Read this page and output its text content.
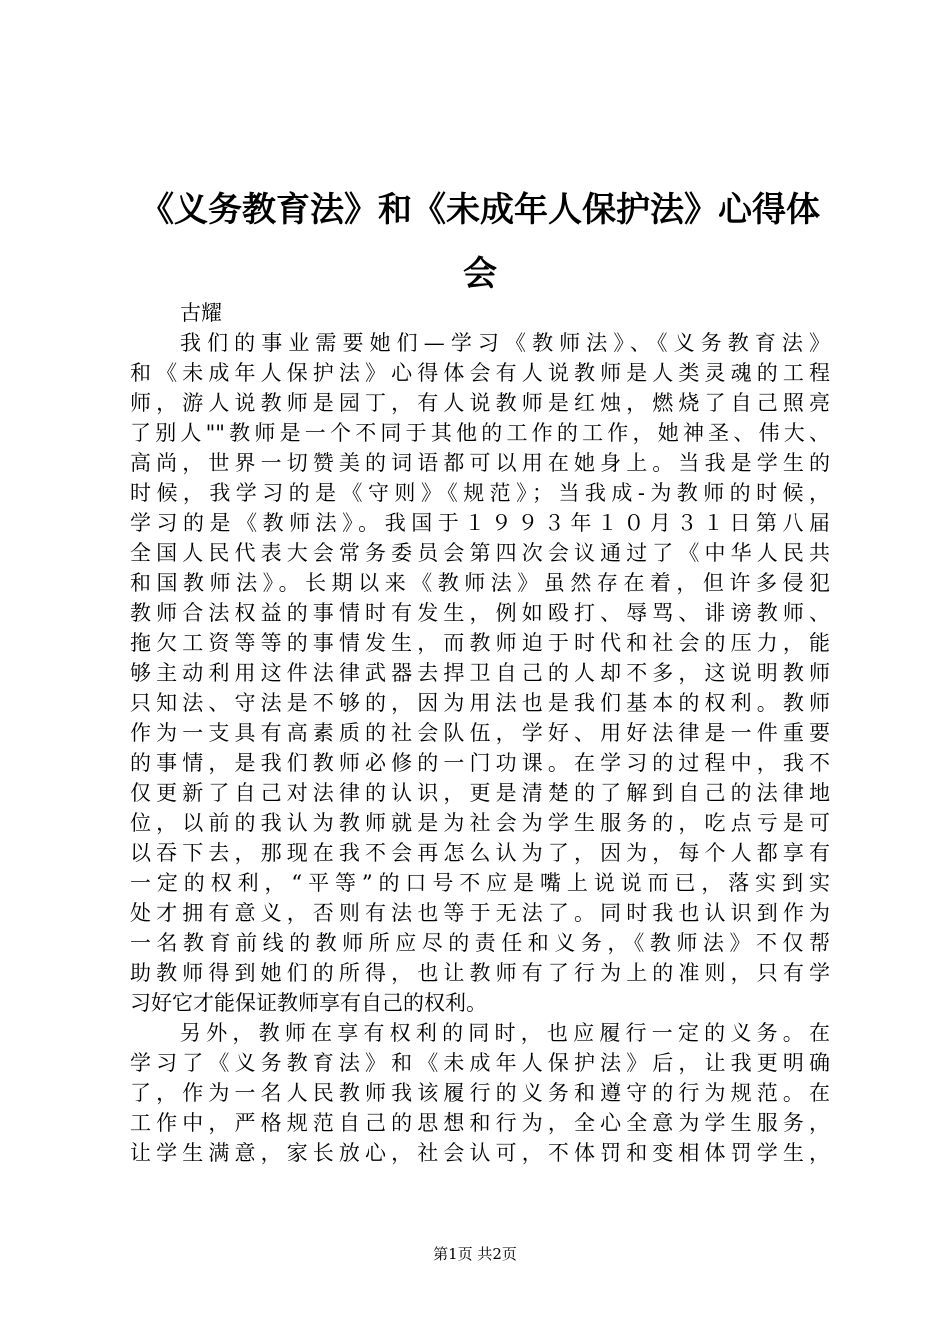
《义务教育法》和《未成年人保护法》心得体
会
古耀
我们的事业需要她们—学习《教师法》、《义务教育法》
和《未成年人保护法》心得体会有人说教师是人类灵魂的工程
师，游人说教师是园丁，有人说教师是红烛，燃烧了自己照亮
了别人""教师是一个不同于其他的工作的工作，她神圣、伟大、
高尚，世界一切赞美的词语都可以用在她身上。当我是学生的
时候，我学习的是《守则》《规范》；当我成-为教师的时候，
学习的是《教师法》。我国于１９９３年１０月３１日第八届
全国人民代表大会常务委员会第四次会议通过了《中华人民共
和国教师法》。长期以来《教师法》虽然存在着，但许多侵犯
教师合法权益的事情时有发生，例如殴打、辱骂、诽谤教师、
拖欠工资等等的事情发生，而教师迫于时代和社会的压力，能
够主动利用这件法律武器去捍卫自己的人却不多，这说明教师
只知法、守法是不够的，因为用法也是我们基本的权利。教师
作为一支具有高素质的社会队伍，学好、用好法律是一件重要
的事情，是我们教师必修的一门功课。在学习的过程中，我不
仅更新了自己对法律的认识，更是清楚的了解到自己的法律地
位，以前的我认为教师就是为社会为学生服务的，吃点亏是可
以吞下去，那现在我不会再怎么认为了，因为，每个人都享有
一定的权利，“平等”的口号不应是嘴上说说而已，落实到实
处才拥有意义，否则有法也等于无法了。同时我也认识到作为
一名教育前线的教师所应尽的责任和义务，《教师法》不仅帮
助教师得到她们的所得，也让教师有了行为上的准则，只有学
习好它才能保证教师享有自己的权利。
另外，教师在享有权利的同时，也应履行一定的义务。在
学习了《义务教育法》和《未成年人保护法》后，让我更明确
了，作为一名人民教师我该履行的义务和遵守的行为规范。在
工作中，严格规范自己的思想和行为，全心全意为学生服务，
让学生满意，家长放心，社会认可，不体罚和变相体罚学生，
第1页 共2页
